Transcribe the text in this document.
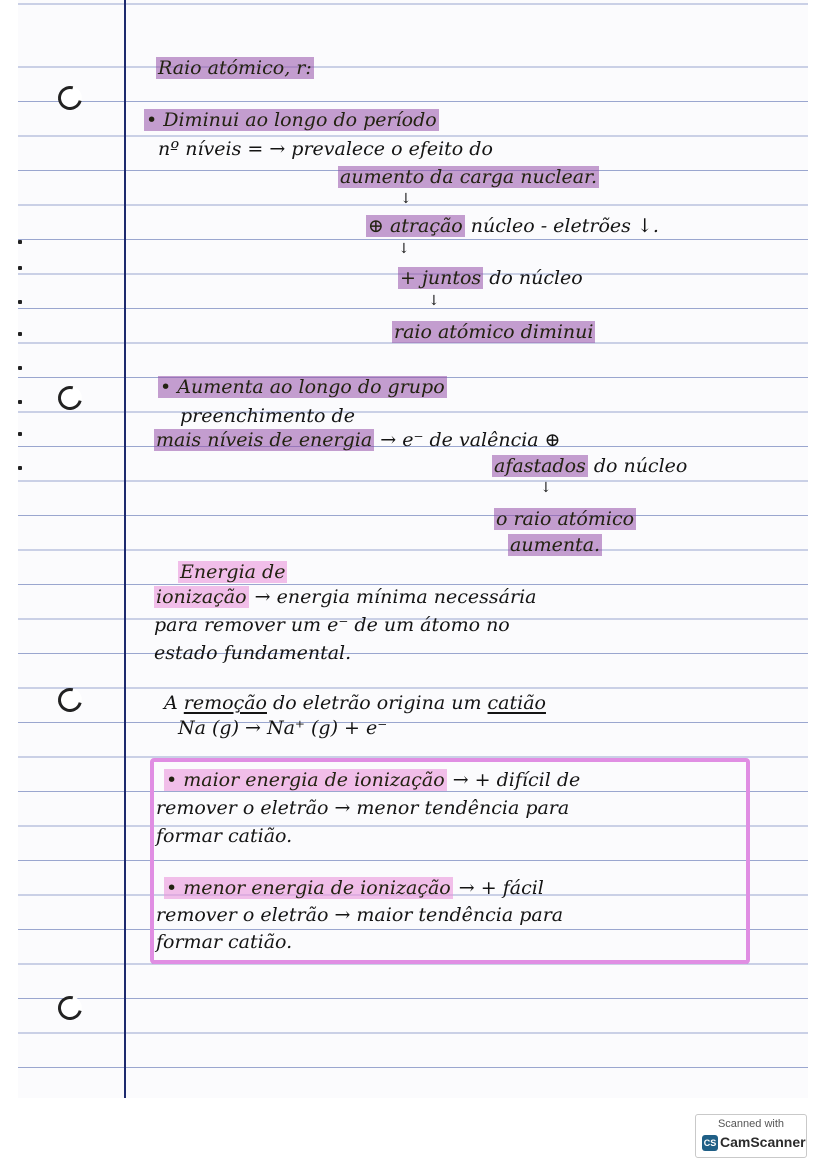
Raio atómico, r:
• Diminui ao longo do período
nº níveis = → prevalece o efeito do
aumento da carga nuclear.
↓
⊕ atração núcleo - eletrões ↓.
↓
+ juntos do núcleo
↓
raio atómico diminui
• Aumenta ao longo do grupo
preenchimento de
mais níveis de energia → e⁻ de valência ⊕
afastados do núcleo
↓
o raio atómico
aumenta.
Energia de
ionização → energia mínima necessária
para remover um e⁻ de um átomo no
estado fundamental.
A remoção do eletrão origina um catião
Na (g) → Na⁺ (g) + e⁻
• maior energia de ionização → + difícil de
remover o eletrão → menor tendência para
formar catião.
• menor energia de ionização → + fácil
remover o eletrão → maior tendência para
formar catião.
Scanned with
CS CamScanner
